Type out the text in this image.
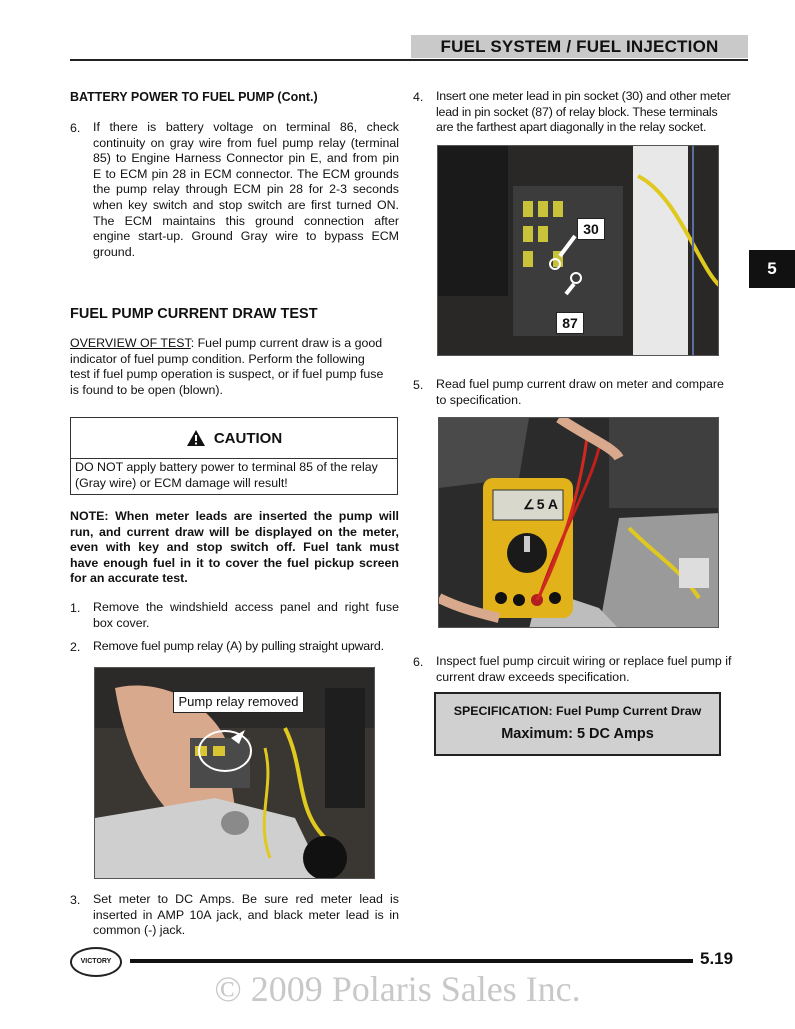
FUEL SYSTEM / FUEL INJECTION
5
BATTERY POWER TO FUEL PUMP (Cont.)
6. If there is battery voltage on terminal 86, check
continuity on gray wire from fuel pump relay (terminal
85) to Engine Harness Connector pin E, and from pin
E to ECM pin 28 in ECM connector. The ECM grounds
the pump relay through ECM pin 28 for 2-3 seconds
when key switch and stop switch are first turned ON.
The ECM maintains this ground connection after
engine start-up. Ground Gray wire to bypass ECM
ground.
FUEL PUMP CURRENT DRAW TEST
OVERVIEW OF TEST: Fuel pump current draw is a good
indicator of fuel pump condition. Perform the following
test if fuel pump operation is suspect, or if fuel pump fuse
is found to be open (blown).
CAUTION
DO NOT apply battery power to terminal 85 of the relay
(Gray wire) or ECM damage will result!
NOTE: When meter leads are inserted the pump will
run, and current draw will be displayed on the meter,
even with key and stop switch off. Fuel tank must
have enough fuel in it to cover the fuel pickup screen
for an accurate test.
1. Remove the windshield access panel and right fuse
box cover.
2. Remove fuel pump relay (A) by pulling straight upward.
Pump relay removed
3. Set meter to DC Amps. Be sure red meter lead is
inserted in AMP 10A jack, and black meter lead is in
common (-) jack.
4. Insert one meter lead in pin socket (30) and other meter
lead in pin socket (87) of relay block. These terminals
are the farthest apart diagonally in the relay socket.
30
87
5. Read fuel pump current draw on meter and compare
to specification.
∠ 5 A
6. Inspect fuel pump circuit wiring or replace fuel pump if
current draw exceeds specification.
SPECIFICATION: Fuel Pump Current Draw
Maximum: 5 DC Amps
VICTORY	5.19
© 2009 Polaris Sales Inc.
